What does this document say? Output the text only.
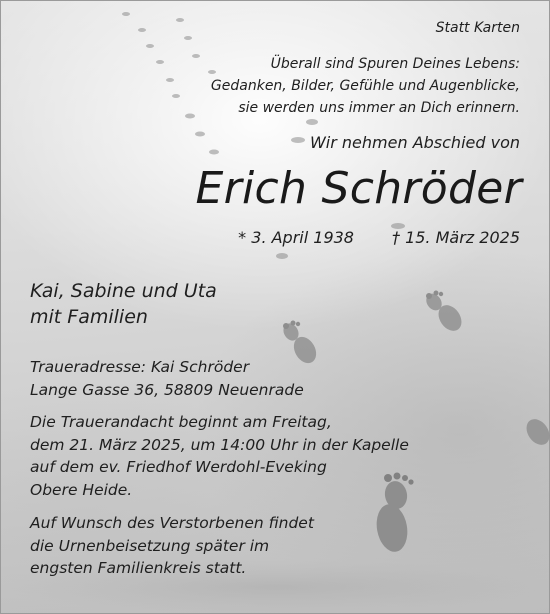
Statt Karten
Überall sind Spuren Deines Lebens:
Gedanken, Bilder, Gefühle und Augenblicke,
sie werden uns immer an Dich erinnern.
Wir nehmen Abschied von
Erich Schröder
* 3. April 1938 † 15. März 2025
Kai, Sabine und Uta
mit Familien
Traueradresse: Kai Schröder
Lange Gasse 36, 58809 Neuenrade
Die Trauerandacht beginnt am Freitag,
dem 21. März 2025, um 14:00 Uhr in der Kapelle
auf dem ev. Friedhof Werdohl-Eveking
Obere Heide.
Auf Wunsch des Verstorbenen findet
die Urnenbeisetzung später im
engsten Familienkreis statt.
